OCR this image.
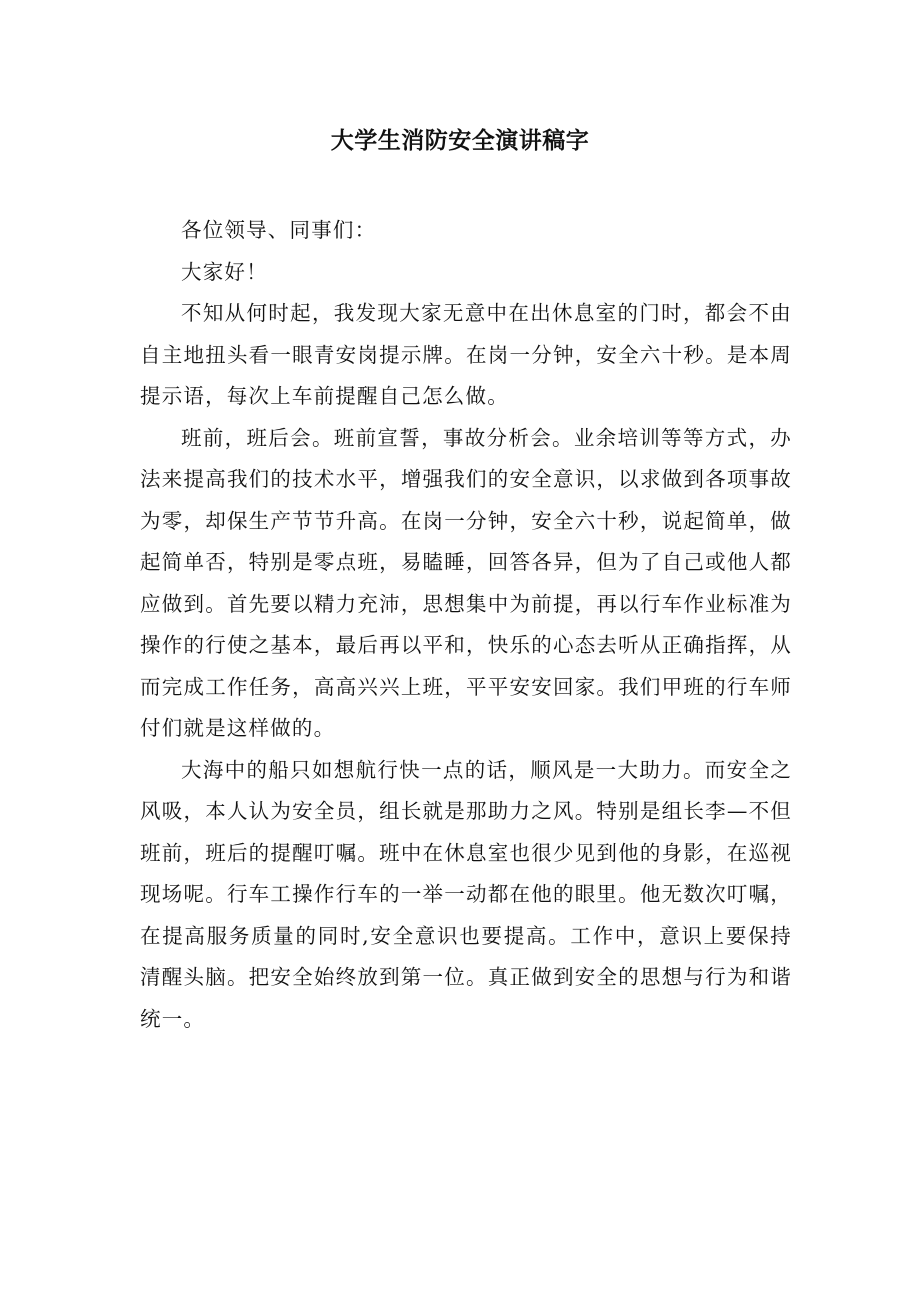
大学生消防安全演讲稿字

各位领导、同事们：

大家好！

不知从何时起，我发现大家无意中在出休息室的门时，都会不由自主地扭头看一眼青安岗提示牌。在岗一分钟，安全六十秒。是本周提示语，每次上车前提醒自己怎么做。

班前，班后会。班前宣誓，事故分析会。业余培训等等方式，办法来提高我们的技术水平，增强我们的安全意识，以求做到各项事故为零，却保生产节节升高。在岗一分钟，安全六十秒，说起简单，做起简单否，特别是零点班，易瞌睡，回答各异，但为了自己或他人都应做到。首先要以精力充沛，思想集中为前提，再以行车作业标准为操作的行使之基本，最后再以平和，快乐的心态去听从正确指挥，从而完成工作任务，高高兴兴上班，平平安安回家。我们甲班的行车师付们就是这样做的。

大海中的船只如想航行快一点的话，顺风是一大助力。而安全之风吸，本人认为安全员，组长就是那助力之风。特别是组长李—不但班前，班后的提醒叮嘱。班中在休息室也很少见到他的身影，在巡视现场呢。行车工操作行车的一举一动都在他的眼里。他无数次叮嘱，在提高服务质量的同时,安全意识也要提高。工作中，意识上要保持清醒头脑。把安全始终放到第一位。真正做到安全的思想与行为和谐统一。
